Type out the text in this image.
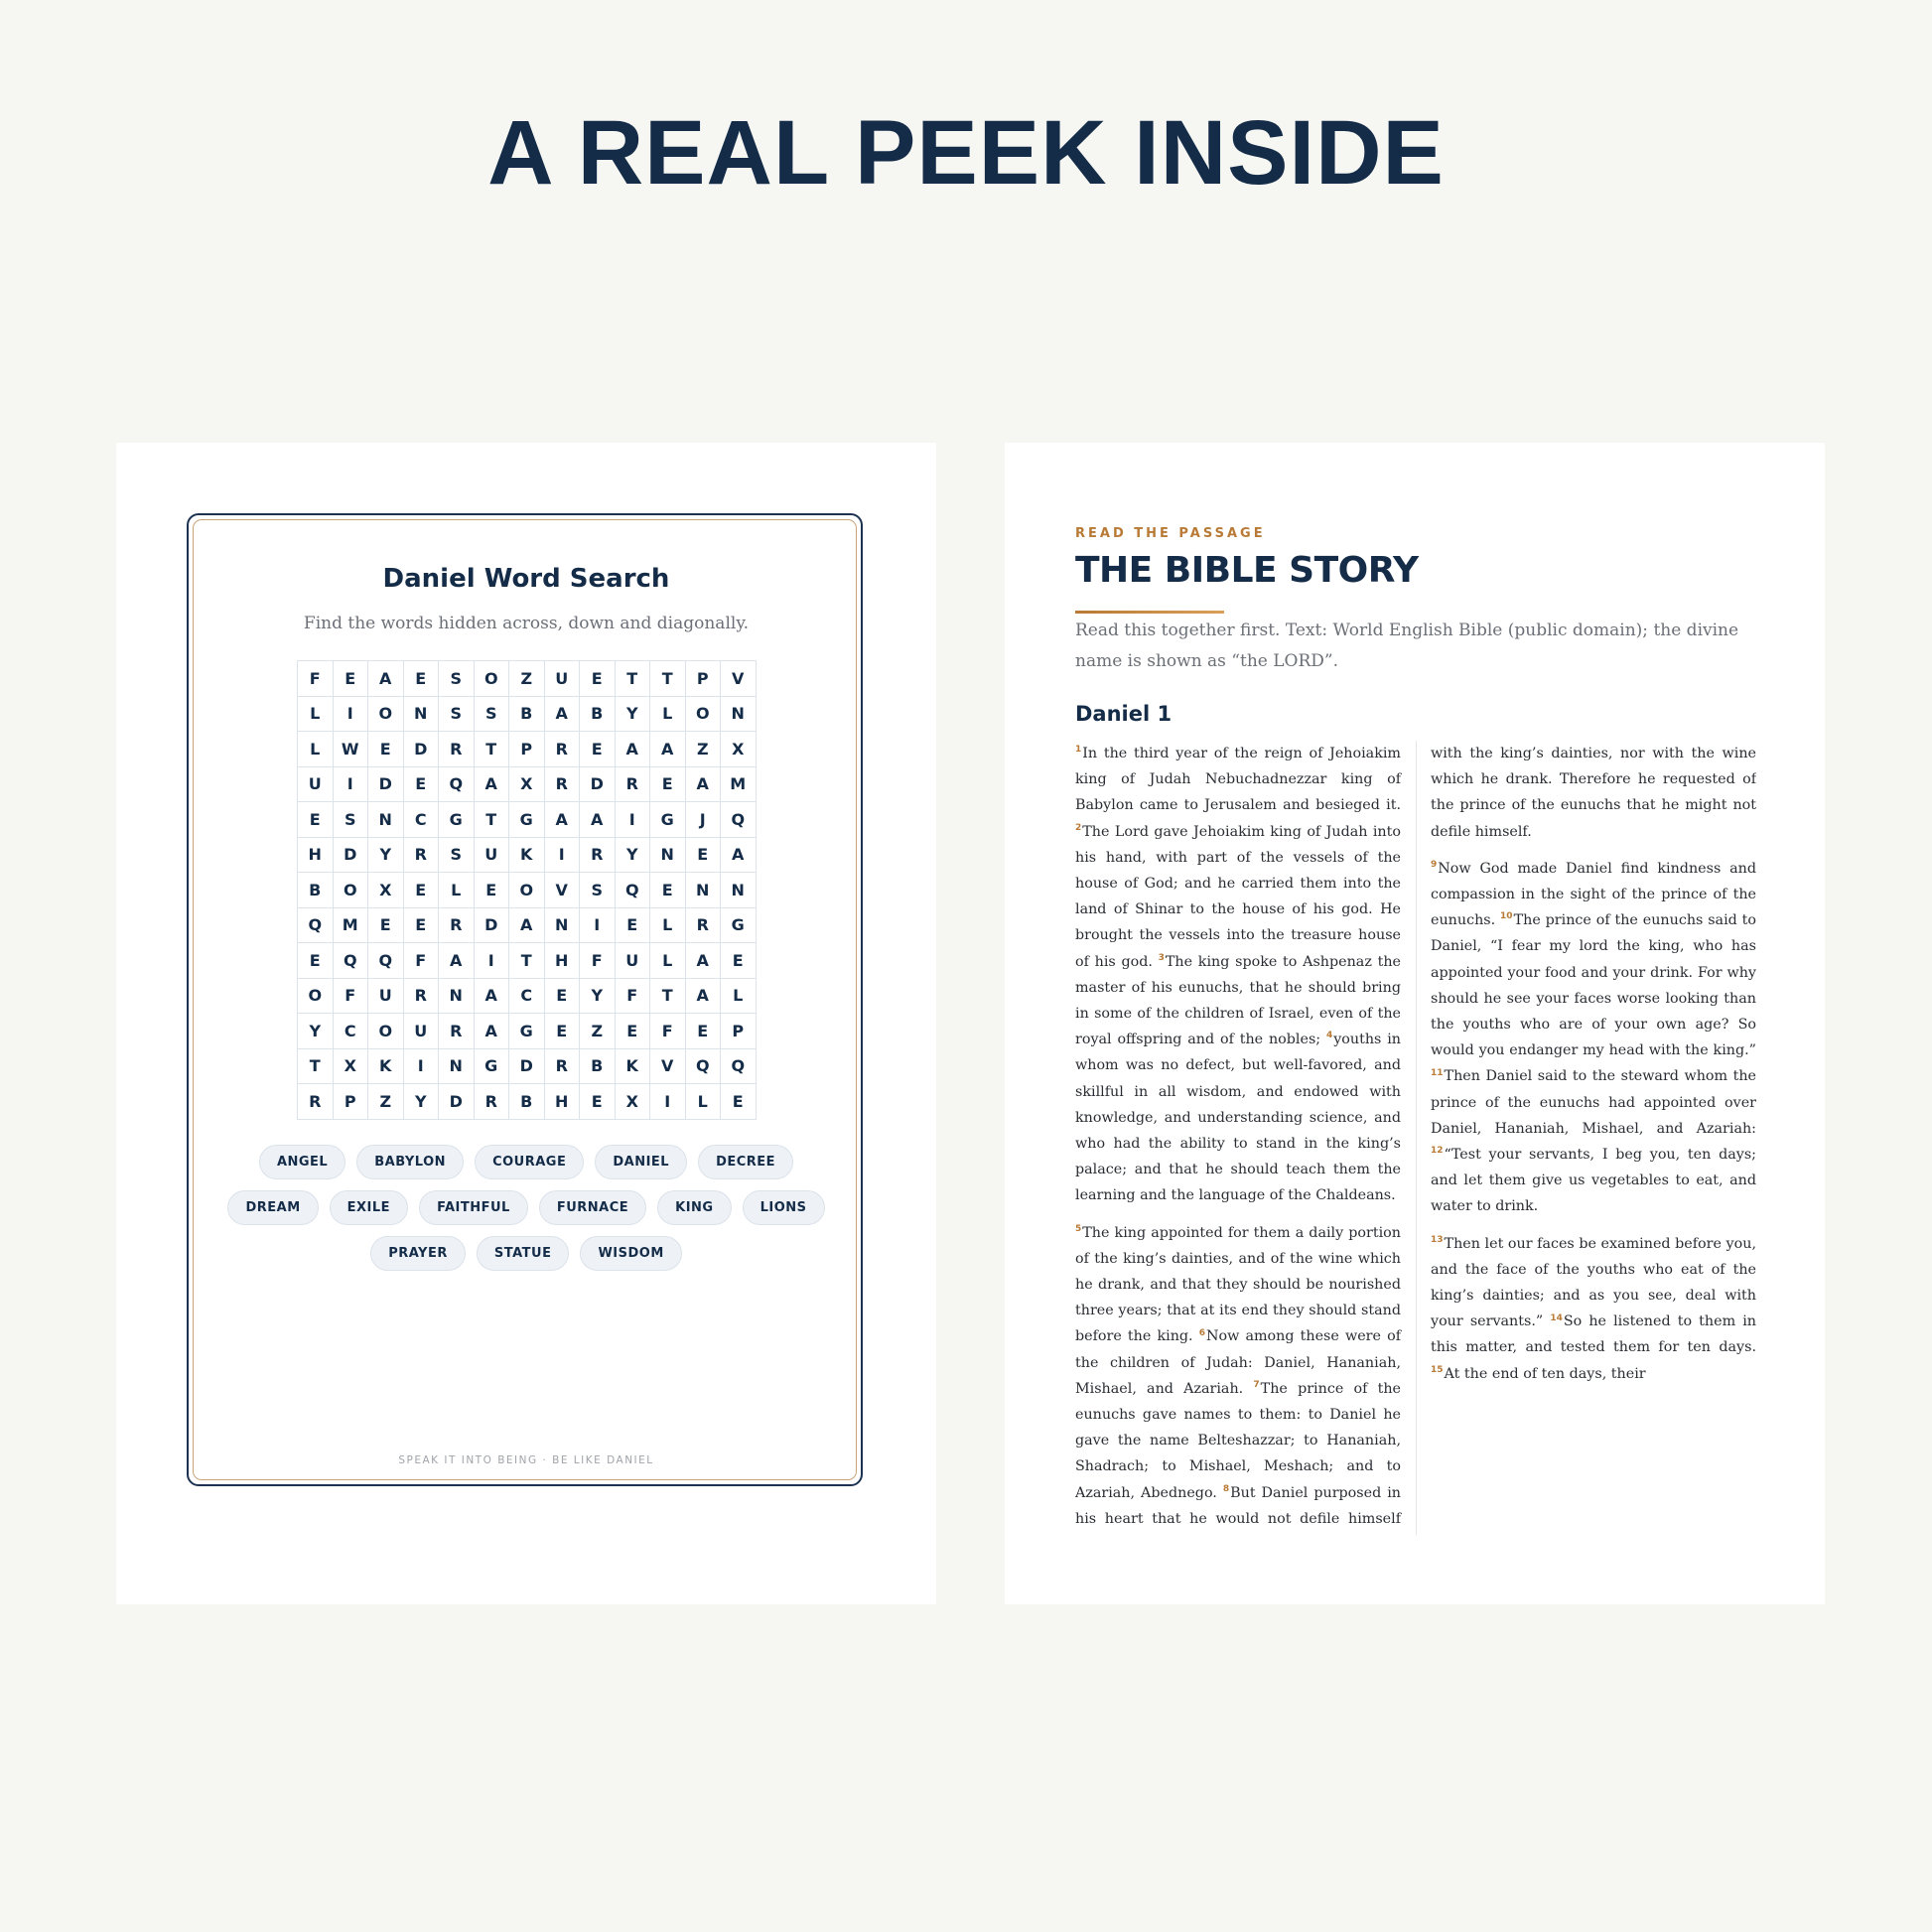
A REAL PEEK INSIDE
Daniel Word Search
Find the words hidden across, down and diagonally.
F	E	A	E	S	O	Z	U	E	T	T	P	V
L	I	O	N	S	S	B	A	B	Y	L	O	N
L	W	E	D	R	T	P	R	E	A	A	Z	X
U	I	D	E	Q	A	X	R	D	R	E	A	M
E	S	N	C	G	T	G	A	A	I	G	J	Q
H	D	Y	R	S	U	K	I	R	Y	N	E	A
B	O	X	E	L	E	O	V	S	Q	E	N	N
Q	M	E	E	R	D	A	N	I	E	L	R	G
E	Q	Q	F	A	I	T	H	F	U	L	A	E
O	F	U	R	N	A	C	E	Y	F	T	A	L
Y	C	O	U	R	A	G	E	Z	E	F	E	P
T	X	K	I	N	G	D	R	B	K	V	Q	Q
R	P	Z	Y	D	R	B	H	E	X	I	L	E
ANGEL	BABYLON	COURAGE	DANIEL	DECREE
DREAM	EXILE	FAITHFUL	FURNACE	KING	LIONS
PRAYER	STATUE	WISDOM
SPEAK IT INTO BEING · BE LIKE DANIEL
READ THE PASSAGE
THE BIBLE STORY
Read this together first. Text: World English Bible (public domain); the divine name is shown as “the LORD”.
Daniel 1

$^1$In the third year of the reign of Jehoiakim king of Judah Nebuchadnezzar king of Babylon came to Jerusalem and besieged it. $^2$The Lord gave Jehoiakim king of Judah into his hand, with part of the vessels of the house of God; and he carried them into the land of Shinar to the house of his god. He brought the vessels into the treasure house of his god. $^3$The king spoke to Ashpenaz the master of his eunuchs, that he should bring in some of the children of Israel, even of the royal offspring and of the nobles; $^4$youths in whom was no defect, but well-favored, and skillful in all wisdom, and endowed with knowledge, and understanding science, and who had the ability to stand in the king’s palace; and that he should teach them the learning and the language of the Chaldeans.

$^5$The king appointed for them a daily portion of the king’s dainties, and of the wine which he drank, and that they should be nourished three years; that at its end they should stand before the king. $^6$Now among these were of the children of Judah: Daniel, Hananiah, Mishael, and Azariah. $^7$The prince of the eunuchs gave names to them: to Daniel he gave the name Belteshazzar; to Hananiah, Shadrach; to Mishael, Meshach; and to Azariah, Abednego. $^8$But Daniel purposed in his heart that he would not defile himself with the king’s dainties, nor with the wine which he drank. Therefore he requested of the prince of the eunuchs that he might not defile himself.

$^9$Now God made Daniel find kindness and compassion in the sight of the prince of the eunuchs. $^{10}$The prince of the eunuchs said to Daniel, “I fear my lord the king, who has appointed your food and your drink. For why should he see your faces worse looking than the youths who are of your own age? So would you endanger my head with the king.” $^{11}$Then Daniel said to the steward whom the prince of the eunuchs had appointed over Daniel, Hananiah, Mishael, and Azariah: $^{12}$“Test your servants, I beg you, ten days; and let them give us vegetables to eat, and water to drink.

$^{13}$Then let our faces be examined before you, and the face of the youths who eat of the king’s dainties; and as you see, deal with your servants.” $^{14}$So he listened to them in this matter, and tested them for ten days. $^{15}$At the end of ten days, their
